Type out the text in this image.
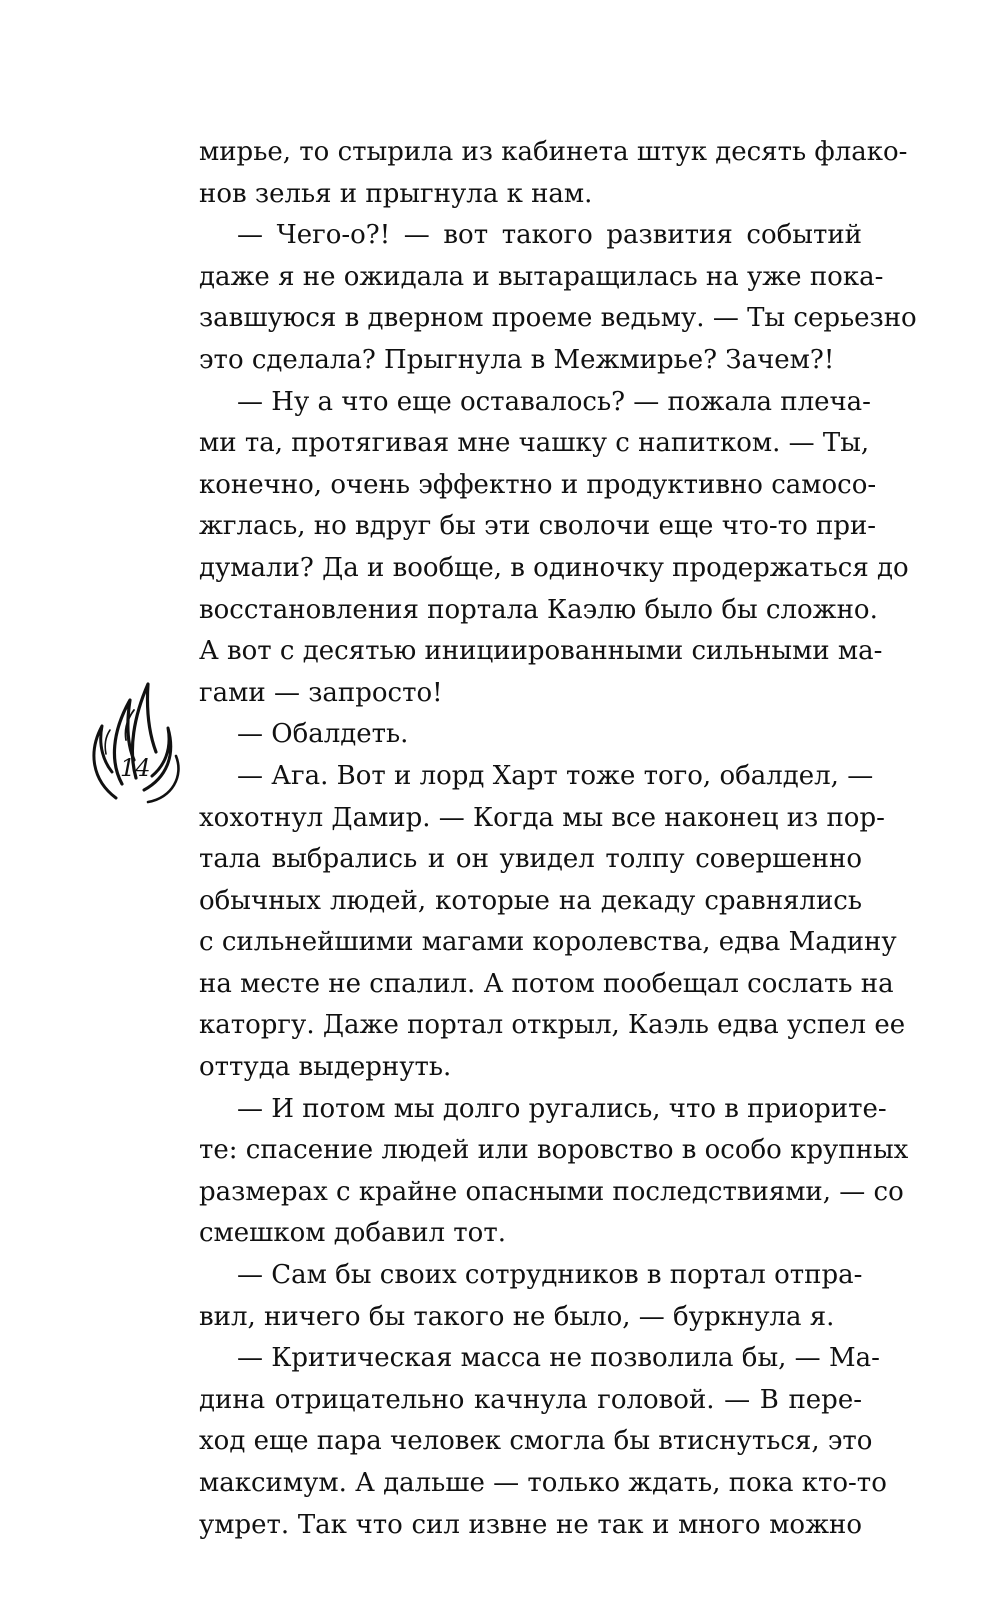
мирье, то стырила из кабинета штук десять флако-
нов зелья и прыгнула к нам.
— Чего-о?! — вот такого развития событий
даже я не ожидала и вытаращилась на уже пока-
завшуюся в дверном проеме ведьму. — Ты серьезно
это сделала? Прыгнула в Межмирье? Зачем?!
— Ну а что еще оставалось? — пожала плеча-
ми та, протягивая мне чашку с напитком. — Ты,
конечно, очень эффектно и продуктивно самосо-
жглась, но вдруг бы эти сволочи еще что-то при-
думали? Да и вообще, в одиночку продержаться до
восстановления портала Каэлю было бы сложно.
А вот с десятью инициированными сильными ма-
гами — запросто!
— Обалдеть.
— Ага. Вот и лорд Харт тоже того, обалдел, —
хохотнул Дамир. — Когда мы все наконец из пор-
тала выбрались и он увидел толпу совершенно
обычных людей, которые на декаду сравнялись
с сильнейшими магами королевства, едва Мадину
на месте не спалил. А потом пообещал сослать на
каторгу. Даже портал открыл, Каэль едва успел ее
оттуда выдернуть.
— И потом мы долго ругались, что в приорите-
те: спасение людей или воровство в особо крупных
размерах с крайне опасными последствиями, — со
смешком добавил тот.
— Сам бы своих сотрудников в портал отпра-
вил, ничего бы такого не было, — буркнула я.
— Критическая масса не позволила бы, — Ма-
дина отрицательно качнула головой. — В пере-
ход еще пара человек смогла бы втиснуться, это
максимум. А дальше — только ждать, пока кто-то
умрет. Так что сил извне не так и много можно
14
